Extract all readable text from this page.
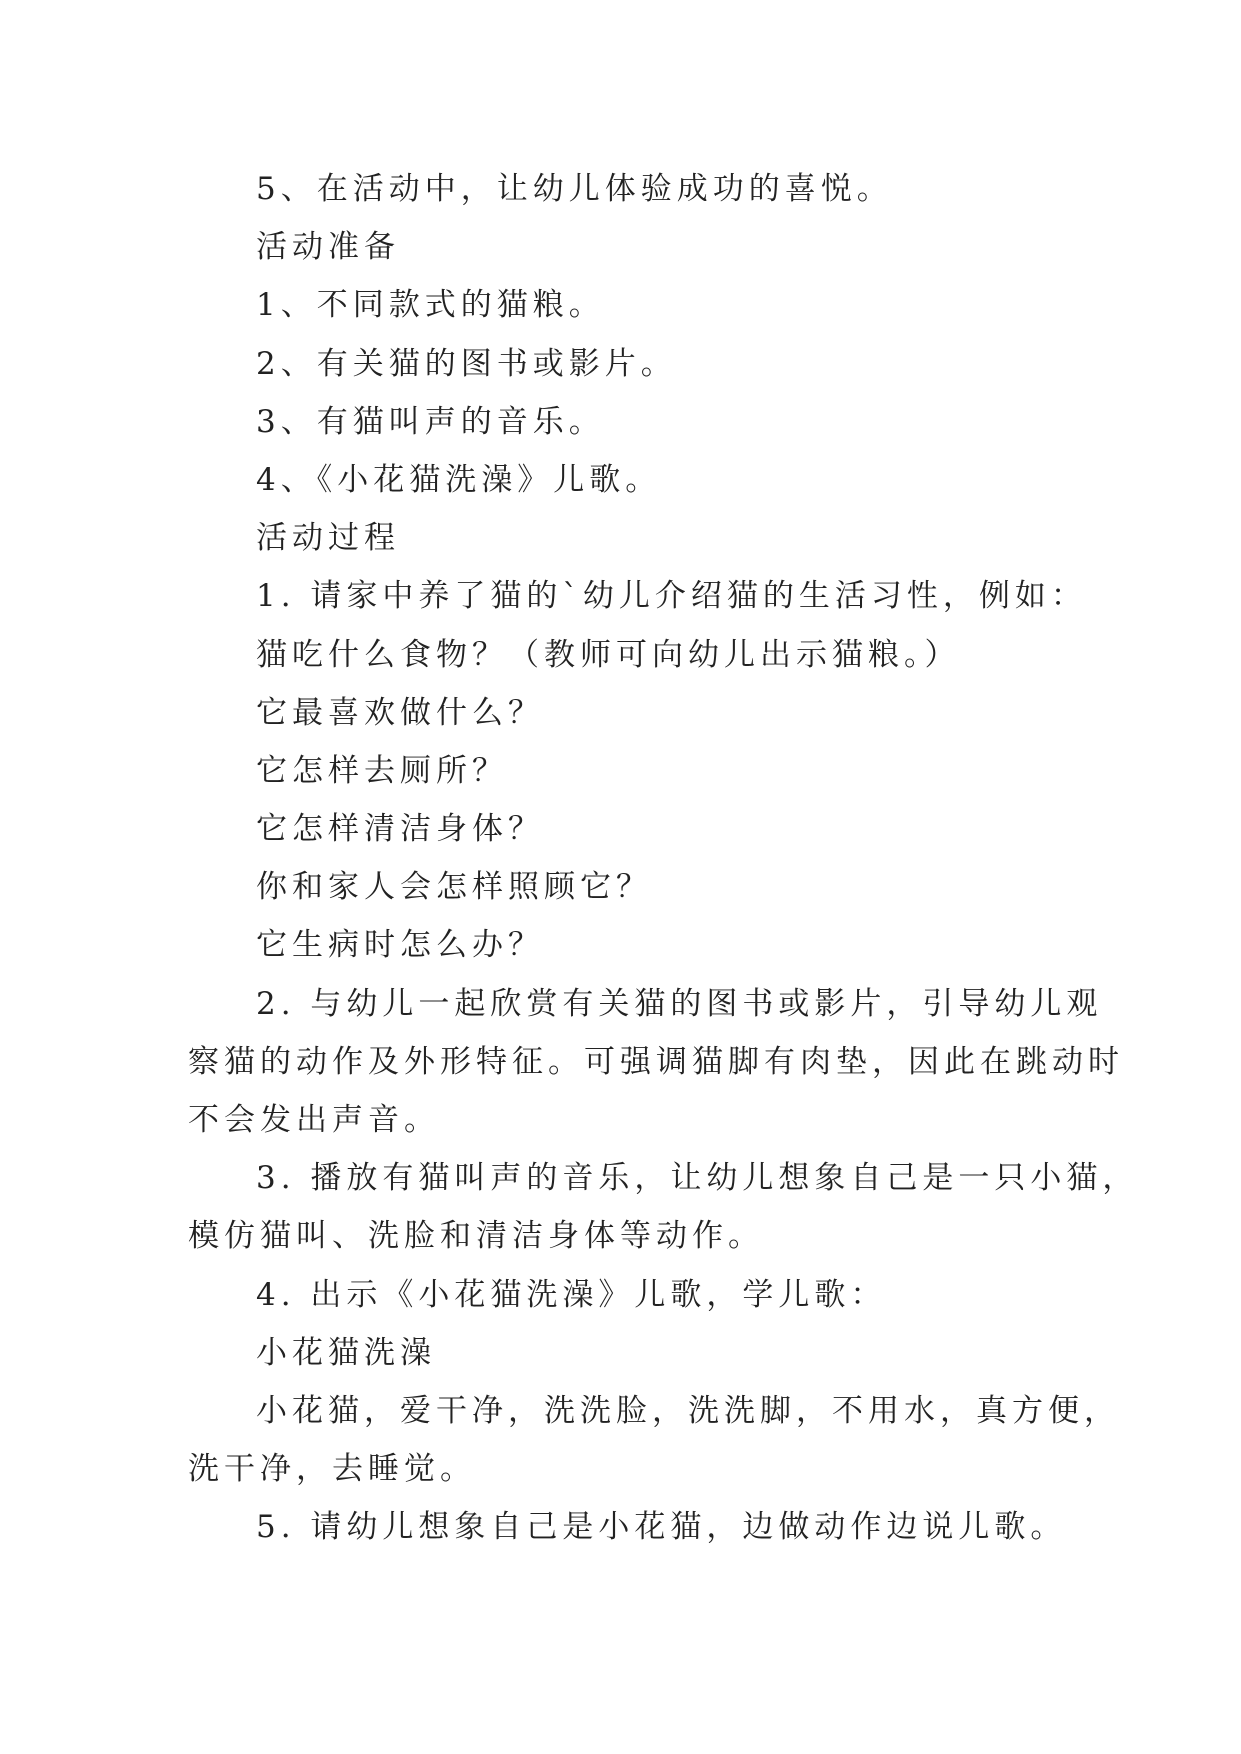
5、在活动中，让幼儿体验成功的喜悦。
活动准备
1、不同款式的猫粮。
2、有关猫的图书或影片。
3、有猫叫声的音乐。
4、《小花猫洗澡》儿歌。
活动过程
1. 请家中养了猫的`幼儿介绍猫的生活习性，例如：
猫吃什么食物？（教师可向幼儿出示猫粮。）
它最喜欢做什么？
它怎样去厕所？
它怎样清洁身体？
你和家人会怎样照顾它？
它生病时怎么办？
2. 与幼儿一起欣赏有关猫的图书或影片，引导幼儿观
察猫的动作及外形特征。可强调猫脚有肉垫，因此在跳动时
不会发出声音。
3. 播放有猫叫声的音乐，让幼儿想象自己是一只小猫，
模仿猫叫、洗脸和清洁身体等动作。
4. 出示《小花猫洗澡》儿歌，学儿歌：
小花猫洗澡
小花猫，爱干净，洗洗脸，洗洗脚，不用水，真方便，
洗干净，去睡觉。
5. 请幼儿想象自己是小花猫，边做动作边说儿歌。
